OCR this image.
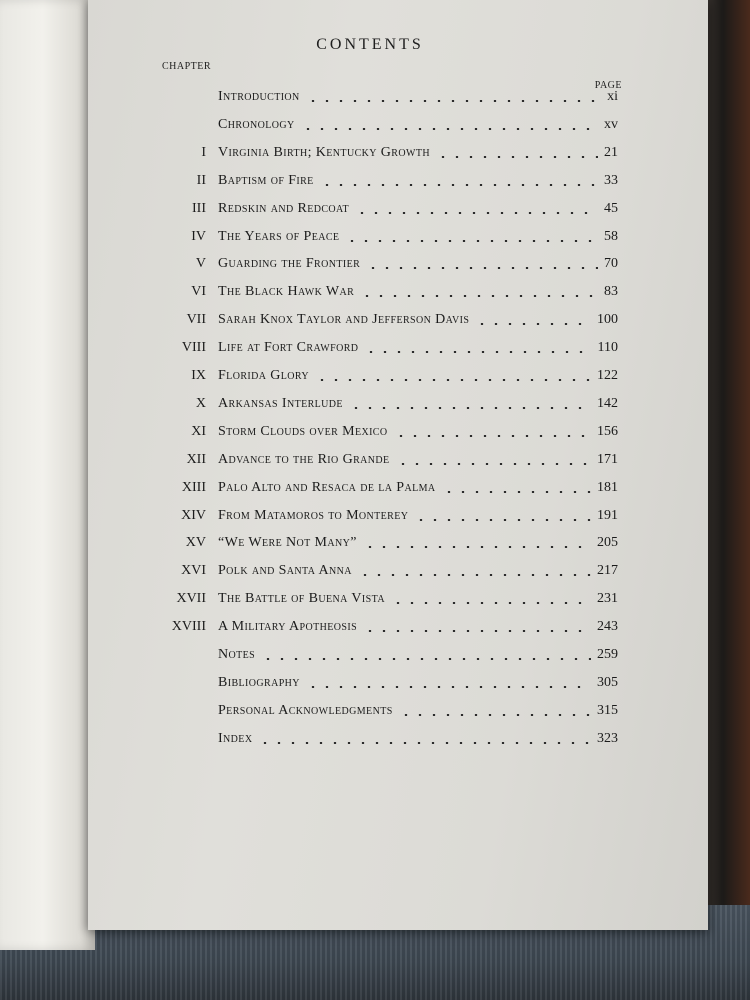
CONTENTS
CHAPTER
PAGE
Introduction	xi
Chronology	xv
I Virginia Birth; Kentucky Growth	21
II Baptism of Fire	33
III Redskin and Redcoat	45
IV The Years of Peace	58
V Guarding the Frontier	70
VI The Black Hawk War	83
VII Sarah Knox Taylor and Jefferson Davis	100
VIII Life at Fort Crawford	110
IX Florida Glory	122
X Arkansas Interlude	142
XI Storm Clouds over Mexico	156
XII Advance to the Rio Grande	171
XIII Palo Alto and Resaca de la Palma	181
XIV From Matamoros to Monterey	191
XV “We Were Not Many”	205
XVI Polk and Santa Anna	217
XVII The Battle of Buena Vista	231
XVIII A Military Apotheosis	243
Notes	259
Bibliography	305
Personal Acknowledgments	315
Index	323
